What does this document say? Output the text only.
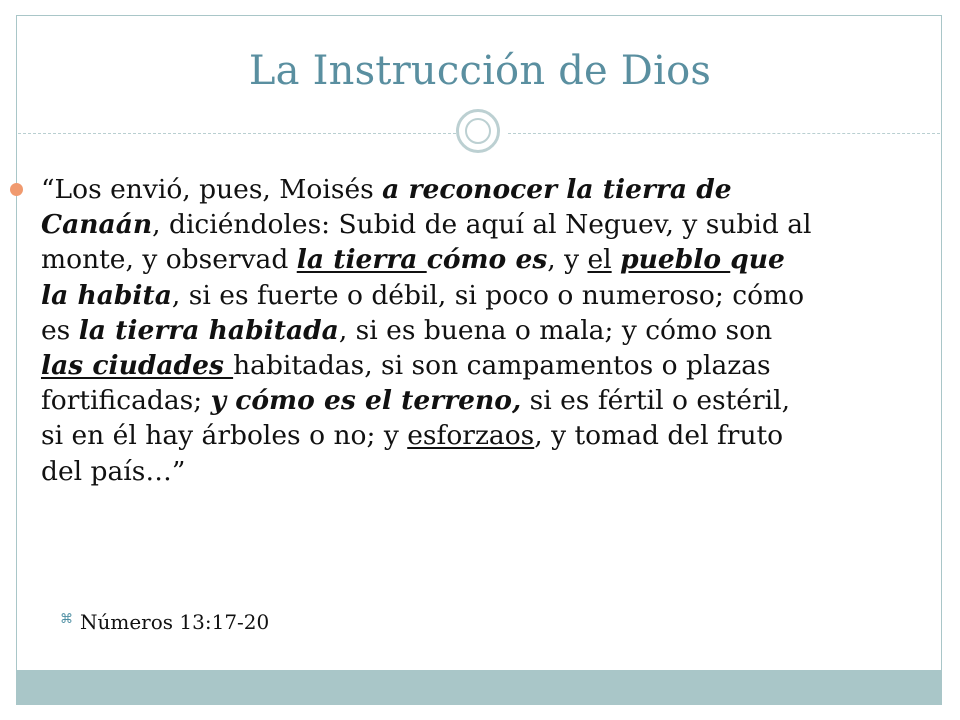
La Instrucción de Dios

“Los envió, pues, Moisés a reconocer la tierra de Canaán, diciéndoles: Subid de aquí al Neguev, y subid al monte, y observad la tierra cómo es, y el pueblo que la habita, si es fuerte o débil, si poco o numeroso; cómo es la tierra habitada, si es buena o mala; y cómo son las ciudades habitadas, si son campamentos o plazas fortificadas; y cómo es el terreno, si es fértil o estéril, si en él hay árboles o no; y esforzaos, y tomad del fruto del país…”

⌘ Números 13:17-20
